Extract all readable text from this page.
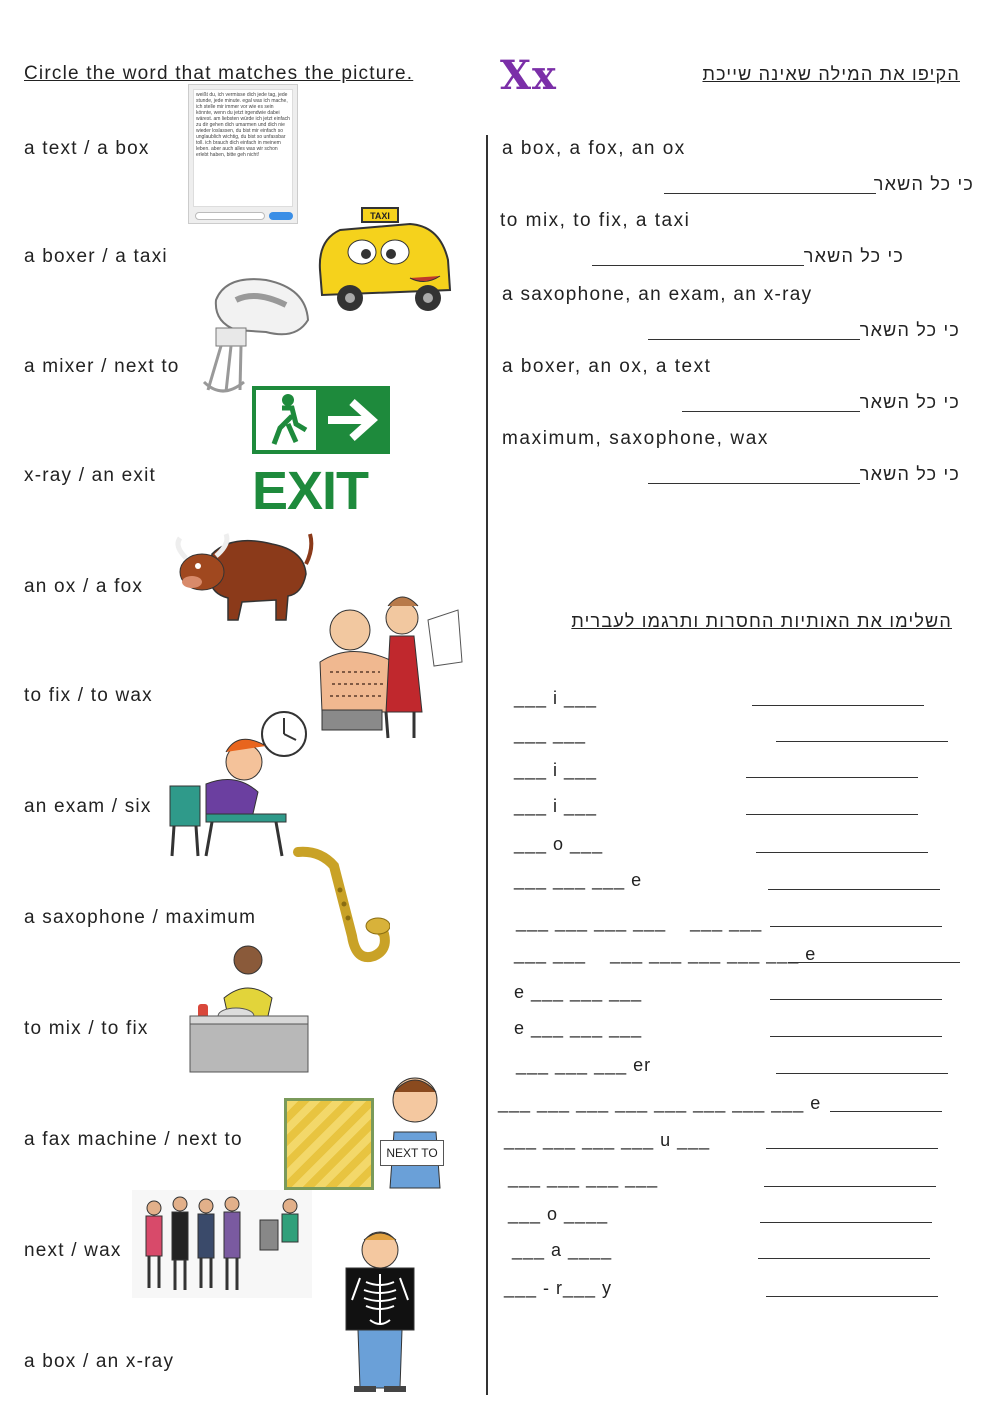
Circle the word that matches the picture. Xx	הקיפו את המילה שאינה שייכת
a text / a box
a boxer / a taxi
a mixer / next to
x-ray / an exit
an ox / a fox
to fix / to wax
an exam / six
a saxophone / maximum
to mix / to fix
a fax machine / next to
next / wax
a box / an x-ray
weißt du, ich vermisse dich jede tag, jede stunde, jede minute. egal was ich mache, ich stelle mir immer vor wie es sein könnte, wenn du jetzt irgendwie dabei wärest. am liebsten würde ich jetzt einfach zu dir gehen dich umarmen und dich nie wieder loslassen, du bist mir einfach so unglaublich wichtig, du bist so unfassbar toll. ich brauch dich einfach in meinem leben. aber auch alles was wir schon erlebt haben, bitte geh nicht!
TAXI
EXIT
NEXT TO
a box, a fox, an ox
כי כל השאר
to mix, to fix, a taxi
כי כל השאר
a saxophone, an exam, an x-ray
כי כל השאר
a boxer, an ox, a text
כי כל השאר
maximum, saxophone, wax
כי כל השאר
השלימו את האותיות החסרות ותרגמו לעברית
___ i ___
___ ___
___ i ___
___ i ___
___ o ___
___ ___ ___ e
___ ___ ___ ___    ___ ___
___ ___    ___ ___ ___ ___ ___ e
e ___ ___ ___
e ___ ___ ___
___ ___ ___ er
___ ___ ___ ___ ___ ___ ___ ___ e
___ ___ ___ ___ u ___
___ ___ ___ ___
___ o ____
___ a ____
___ - r___ y
